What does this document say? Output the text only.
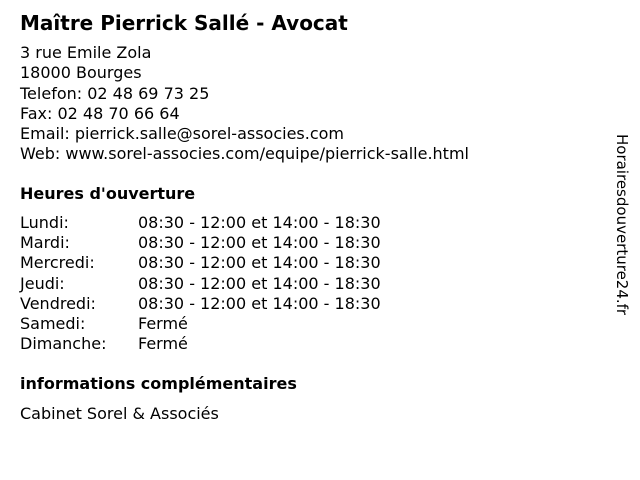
Maître Pierrick Sallé - Avocat
3 rue Emile Zola
18000 Bourges
Telefon: 02 48 69 73 25
Fax: 02 48 70 66 64
Email: pierrick.salle@sorel-associes.com
Web: www.sorel-associes.com/equipe/pierrick-salle.html
Heures d'ouverture
Lundi:	08:30 - 12:00 et 14:00 - 18:30
Mardi:	08:30 - 12:00 et 14:00 - 18:30
Mercredi:	08:30 - 12:00 et 14:00 - 18:30
Jeudi:	08:30 - 12:00 et 14:00 - 18:30
Vendredi:	08:30 - 12:00 et 14:00 - 18:30
Samedi:	Fermé
Dimanche: Fermé
informations complémentaires
Cabinet Sorel & Associés
Horairesdouverture24.fr
